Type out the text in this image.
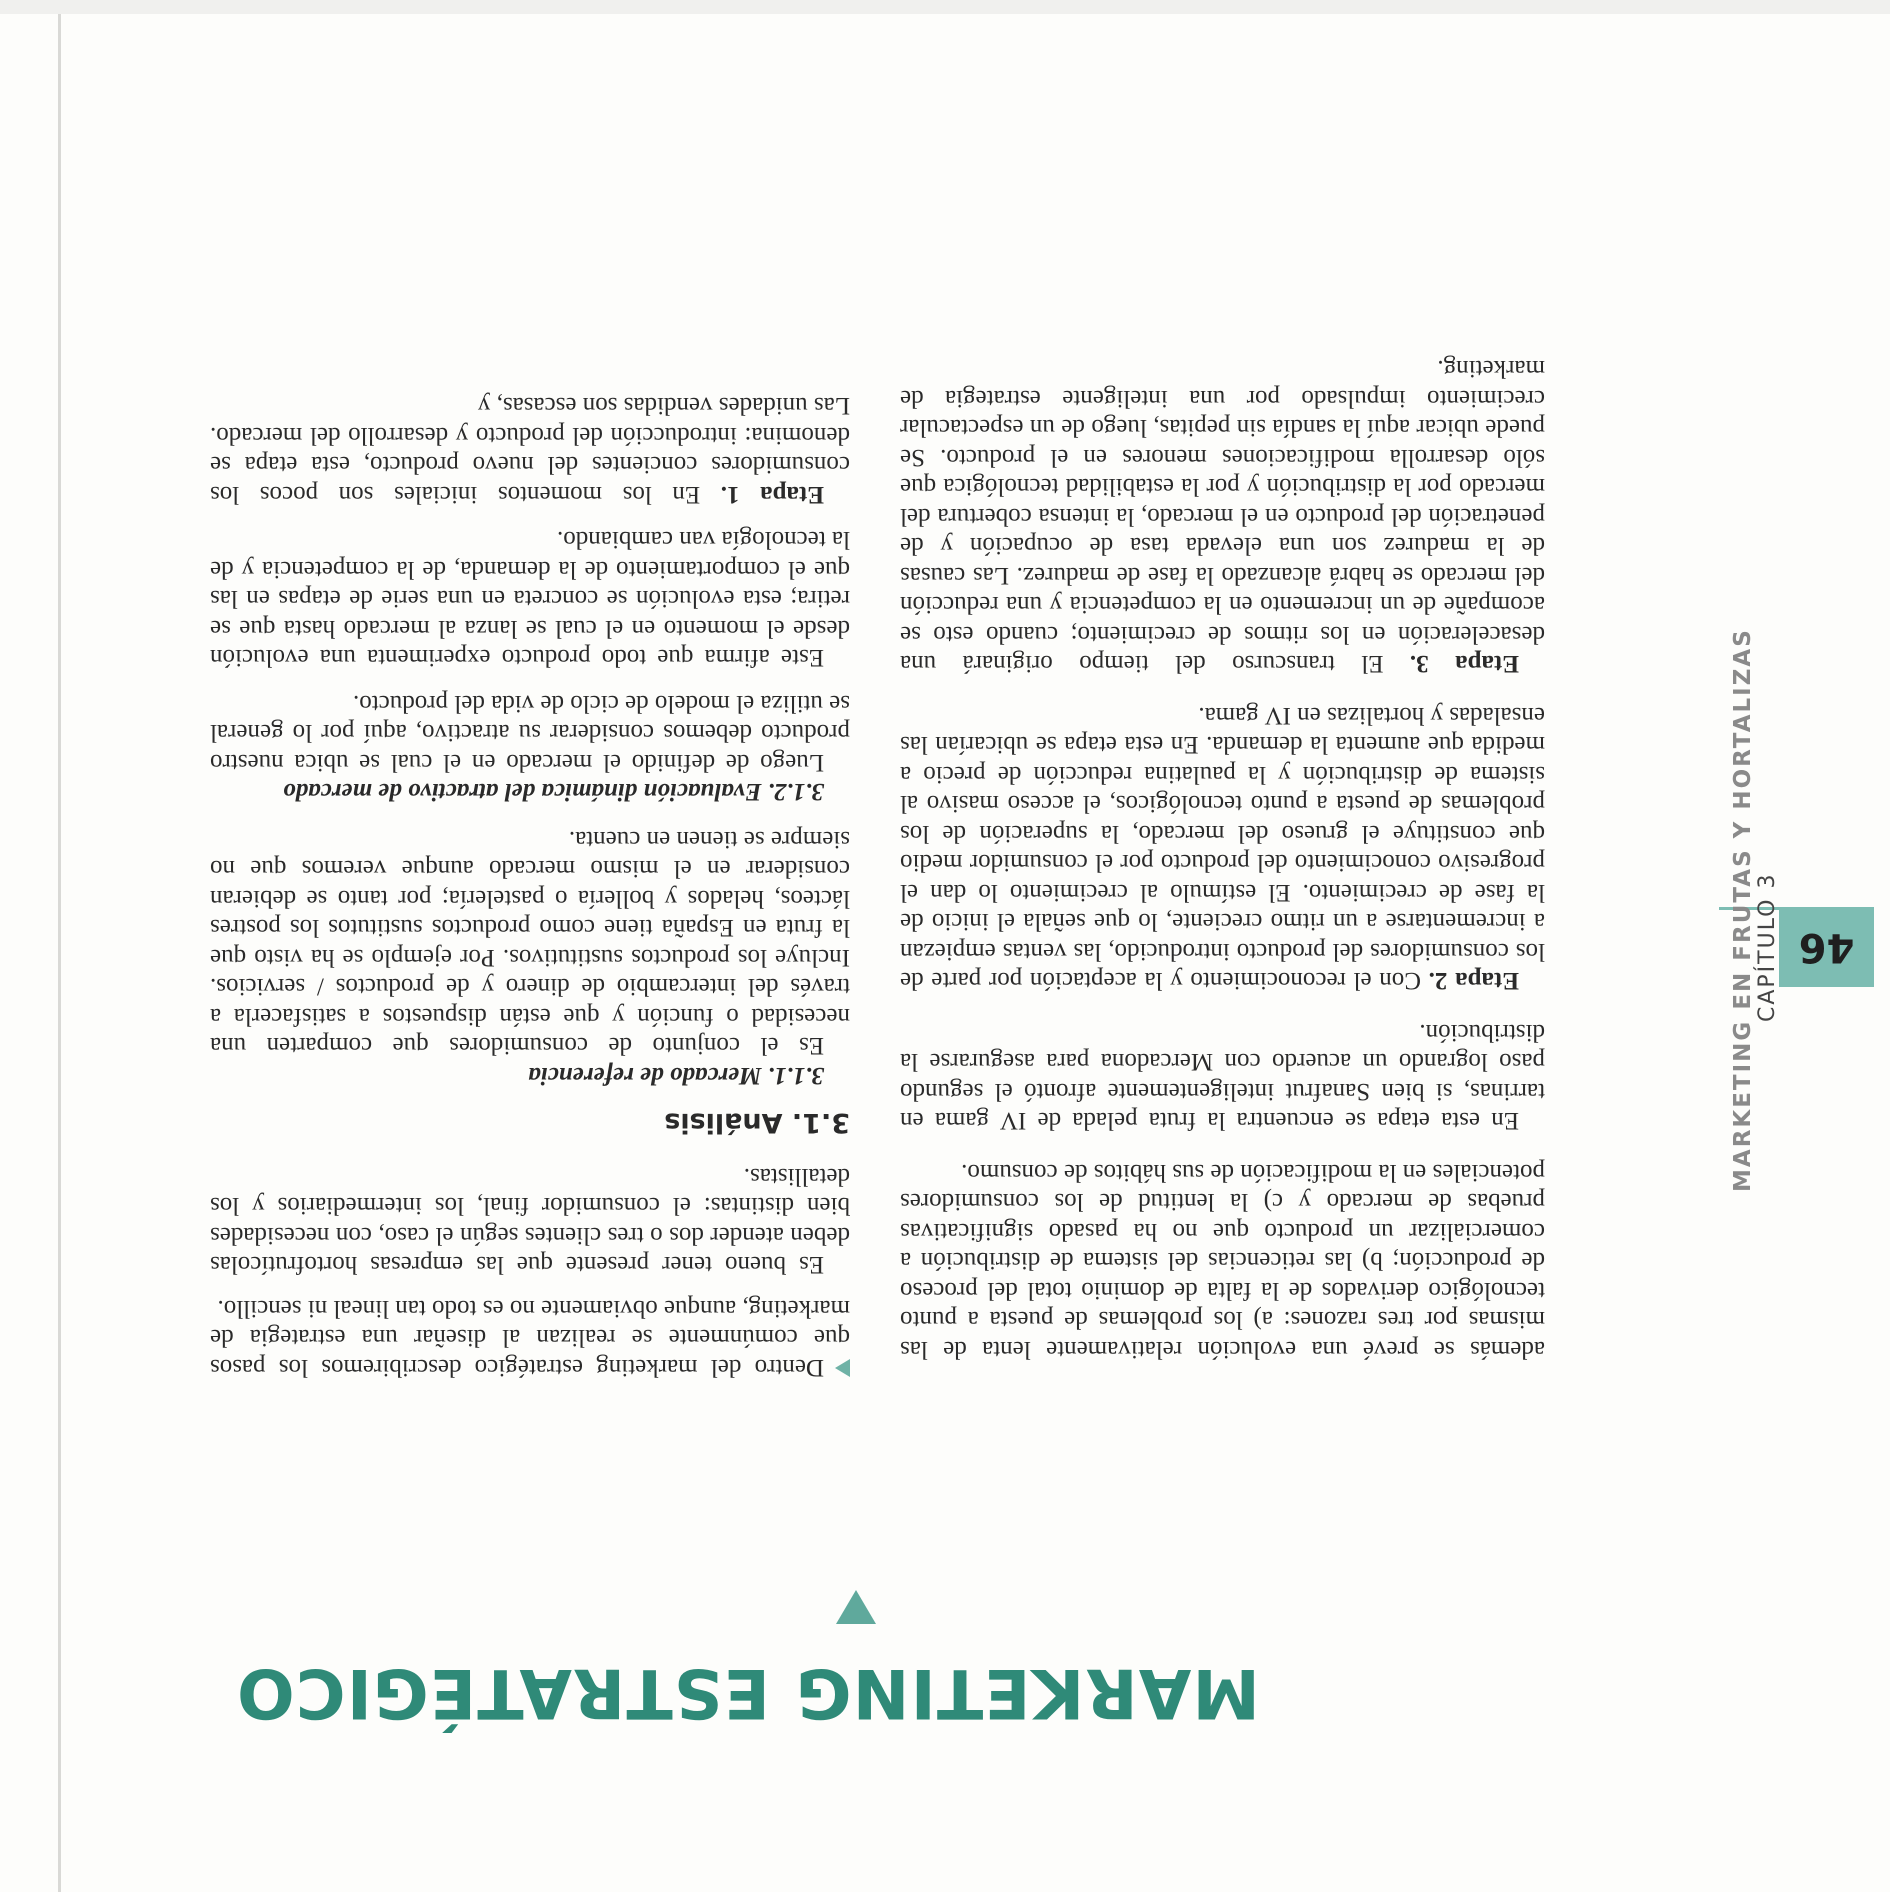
46
MARKETING EN FRUTAS Y HORTALIZAS CAPÍTULO 3
MARKETING ESTRATÉGICO

además se prevé una evolución relativamente lenta de las mismas por tres razones: a) los problemas de puesta a punto tecnológico derivados de la falta de dominio total del proceso de producción; b) las reticencias del sistema de distribución a comercializar un producto que no ha pasado significativas pruebas de mercado y c) la lentitud de los consumidores potenciales en la modificación de sus hábitos de consumo.

En esta etapa se encuentra la fruta pelada de IV gama en tarrinas, si bien Sanafrut inteligentemente afrontó el segundo paso logrando un acuerdo con Mercadona para asegurarse la distribución.

Etapa 2. Con el reconocimiento y la aceptación por parte de los consumidores del producto introducido, las ventas empiezan a incrementarse a un ritmo creciente, lo que señala el inicio de la fase de crecimiento. El estímulo al crecimiento lo dan el progresivo conocimiento del producto por el consumidor medio que constituye el grueso del mercado, la superación de los problemas de puesta a punto tecnológicos, el acceso masivo al sistema de distribución y la paulatina reducción de precio a medida que aumenta la demanda. En esta etapa se ubicarían las ensaladas y hortalizas en IV gama.

Etapa 3. El transcurso del tiempo originará una desaceleración en los ritmos de crecimiento; cuando esto se acompañe de un incremento en la competencia y una reducción del mercado se habrá alcanzado la fase de madurez. Las causas de la madurez son una elevada tasa de ocupación y de penetración del producto en el mercado, la intensa cobertura del mercado por la distribución y por la estabilidad tecnológica que sólo desarrolla modificaciones menores en el producto. Se puede ubicar aquí la sandía sin pepitas, luego de un espectacular crecimiento impulsado por una inteligente estrategia de marketing.

Dentro del marketing estratégico describiremos los pasos que comúnmente se realizan al diseñar una estrategia de marketing, aunque obviamente no es todo tan lineal ni sencillo.

Es bueno tener presente que las empresas hortofrutícolas deben atender dos o tres clientes según el caso, con necesidades bien distintas: el consumidor final, los intermediarios y los detallistas.

3.1. Análisis
3.1.1. Mercado de referencia

Es el conjunto de consumidores que comparten una necesidad o función y que están dispuestos a satisfacerla a través del intercambio de dinero y de productos / servicios. Incluye los productos sustitutivos. Por ejemplo se ha visto que la fruta en España tiene como productos sustitutos los postres lácteos, helados y bollería o pastelería; por tanto se debieran considerar en el mismo mercado aunque veremos que no siempre se tienen en cuenta.

3.1.2. Evaluación dinámica del atractivo de mercado

Luego de definido el mercado en el cual se ubica nuestro producto debemos considerar su atractivo, aquí por lo general se utiliza el modelo de ciclo de vida del producto.

Este afirma que todo producto experimenta una evolución desde el momento en el cual se lanza al mercado hasta que se retira; esta evolución se concreta en una serie de etapas en las que el comportamiento de la demanda, de la competencia y de la tecnología van cambiando.

Etapa 1. En los momentos iniciales son pocos los consumidores concientes del nuevo producto, esta etapa se denomina: introducción del producto y desarrollo del mercado. Las unidades vendidas son escasas, y
